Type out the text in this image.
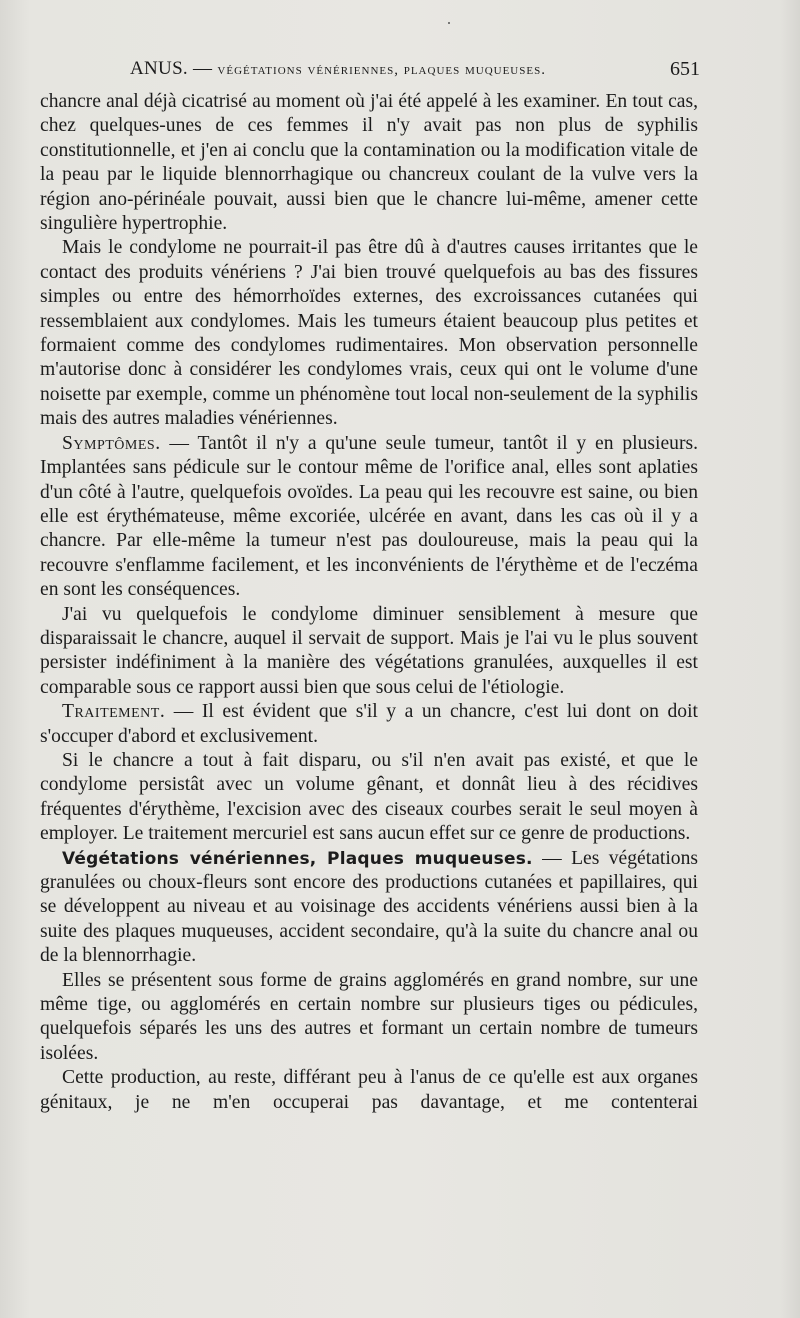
ANUS. — végétations vénériennes, plaques muqueuses.	651

chancre anal déjà cicatrisé au moment où j'ai été appelé à les examiner. En tout cas, chez quelques-unes de ces femmes il n'y avait pas non plus de syphilis constitutionnelle, et j'en ai conclu que la contamination ou la modification vitale de la peau par le liquide blennorrhagique ou chancreux coulant de la vulve vers la région ano-périnéale pouvait, aussi bien que le chancre lui-même, amener cette singulière hypertrophie.

Mais le condylome ne pourrait-il pas être dû à d'autres causes irritantes que le contact des produits vénériens ? J'ai bien trouvé quelquefois au bas des fissures simples ou entre des hémorrhoïdes externes, des excroissances cutanées qui ressemblaient aux condylomes. Mais les tumeurs étaient beaucoup plus petites et formaient comme des condylomes rudimentaires. Mon observation personnelle m'autorise donc à considérer les condylomes vrais, ceux qui ont le volume d'une noisette par exemple, comme un phénomène tout local non-seulement de la syphilis mais des autres maladies vénériennes.

Symptômes. — Tantôt il n'y a qu'une seule tumeur, tantôt il y en plusieurs. Implantées sans pédicule sur le contour même de l'orifice anal, elles sont aplaties d'un côté à l'autre, quelquefois ovoïdes. La peau qui les recouvre est saine, ou bien elle est érythémateuse, même excoriée, ulcérée en avant, dans les cas où il y a chancre. Par elle-même la tumeur n'est pas douloureuse, mais la peau qui la recouvre s'enflamme facilement, et les inconvénients de l'érythème et de l'eczéma en sont les conséquences.

J'ai vu quelquefois le condylome diminuer sensiblement à mesure que disparaissait le chancre, auquel il servait de support. Mais je l'ai vu le plus souvent persister indéfiniment à la manière des végétations granulées, auxquelles il est comparable sous ce rapport aussi bien que sous celui de l'étiologie.

Traitement. — Il est évident que s'il y a un chancre, c'est lui dont on doit s'occuper d'abord et exclusivement.

Si le chancre a tout à fait disparu, ou s'il n'en avait pas existé, et que le condylome persistât avec un volume gênant, et donnât lieu à des récidives fréquentes d'érythème, l'excision avec des ciseaux courbes serait le seul moyen à employer. Le traitement mercuriel est sans aucun effet sur ce genre de productions.

Végétations vénériennes, Plaques muqueuses. — Les végétations granulées ou choux-fleurs sont encore des productions cutanées et papillaires, qui se développent au niveau et au voisinage des accidents vénériens aussi bien à la suite des plaques muqueuses, accident secondaire, qu'à la suite du chancre anal ou de la blennorrhagie.

Elles se présentent sous forme de grains agglomérés en grand nombre, sur une même tige, ou agglomérés en certain nombre sur plusieurs tiges ou pédicules, quelquefois séparés les uns des autres et formant un certain nombre de tumeurs isolées.

Cette production, au reste, différant peu à l'anus de ce qu'elle est aux organes génitaux, je ne m'en occuperai pas davantage, et me contenterai
